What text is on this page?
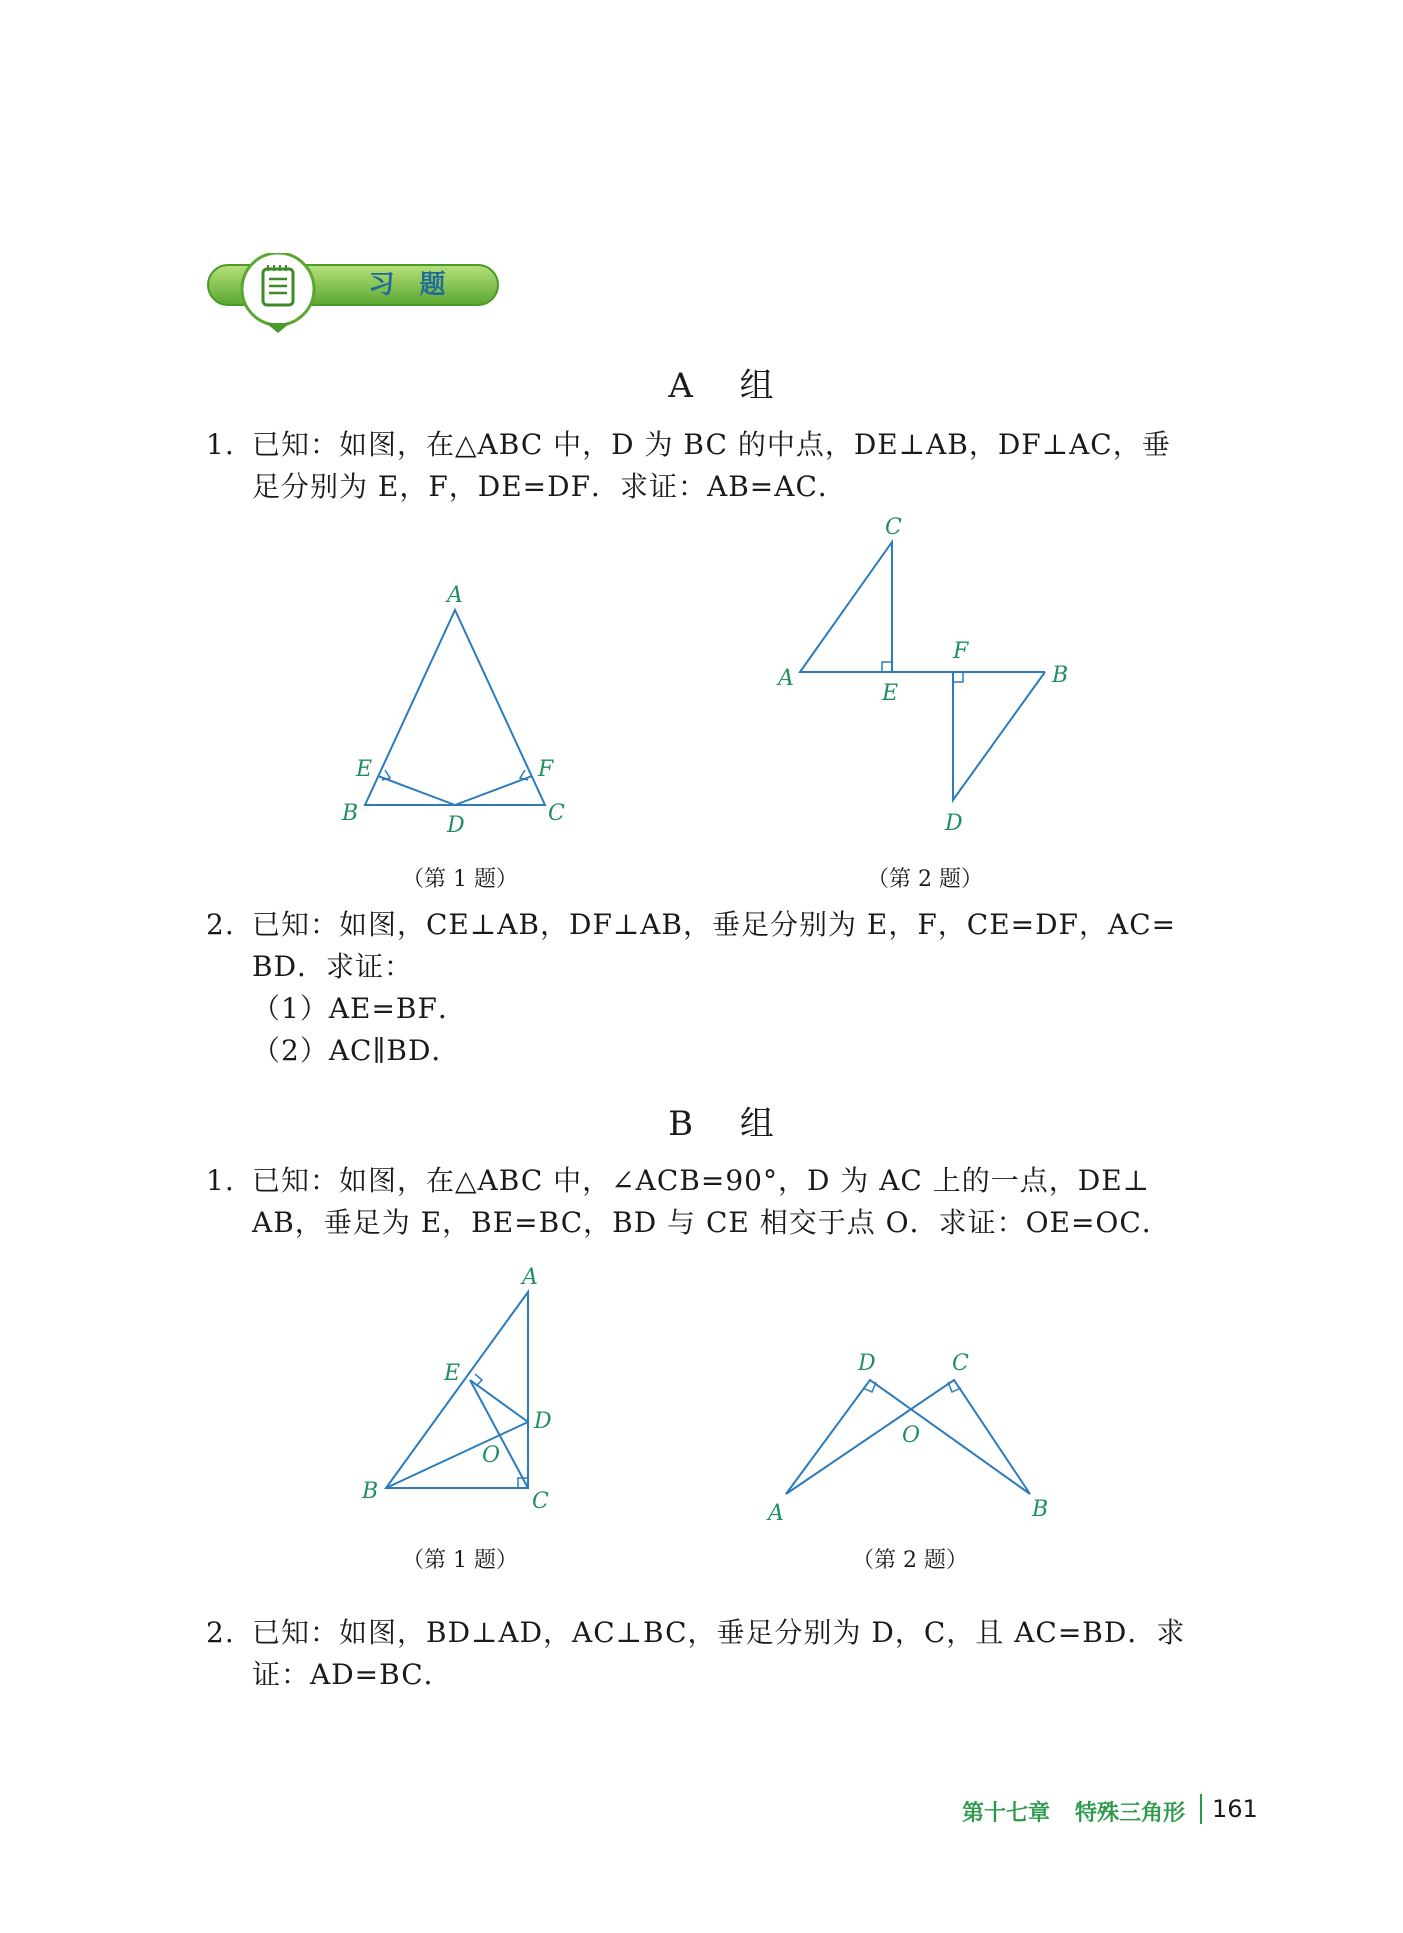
习 题
A 组
1. 已知：如图，在△ABC 中，D 为 BC 的中点，DE⊥AB，DF⊥AC，垂
足分别为 E，F，DE=DF．求证：AB=AC．
A
E	F
B	D	C
（第 1 题）
C
A
E
F
B
D
（第 2 题）
2. 已知：如图，CE⊥AB，DF⊥AB，垂足分别为 E，F，CE=DF，AC=
BD．求证：
（1）AE=BF．
（2）AC∥BD．
B 组
1. 已知：如图，在△ABC 中，∠ACB=90°，D 为 AC 上的一点，DE⊥
AB，垂足为 E，BE=BC，BD 与 CE 相交于点 O．求证：OE=OC．
A
E
D
O
B	C
（第 1 题）
D	C
O
A	B
（第 2 题）
2. 已知：如图，BD⊥AD，AC⊥BC，垂足分别为 D，C，且 AC=BD．求
证：AD=BC．
第十七章 特殊三角形 161
